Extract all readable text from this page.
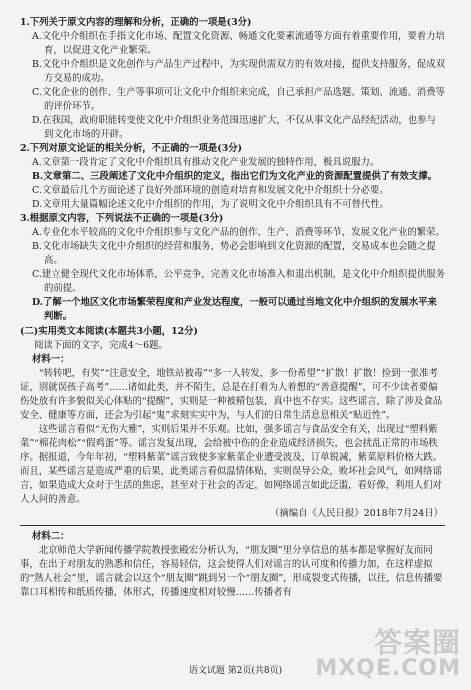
1.下列关于原文内容的理解和分析，正确的一项是(3分)
A.文化中介组织在手指文化市场、配置文化资源、畅通文化要素流通等方面有着重要作用，要着力培育，以促进文化产业繁荣。
B.文化中介组织是文化创作与产品生产过程中，为实现供需双方的有效对接，提供支持服务，促成双方交易的成功。
C.文化企业的创作、生产等事项可让文化中介组织来完成，自己承担产品选题、策划、流通、消费等的评价环节。
D.在我国，政府职能转变使文化中介组织业务范围迅速扩大，不仅从事文化产品经纪活动，也参与到文化市场的开辟。
2.下列对原文论证的相关分析，不正确的一项是(3分)
A.文章第一段肯定了文化中介组织具有推动文化产业发展的独特作用，极具说服力。
B.文章第二、三段阐述了文化中介组织的定义，指出它们为文化产业的资源配置提供了有效支撑。
C.文章最后几个方面论述了良好外部环境的创造对培育和发展文化中介组织十分必要。
D.文章用大量篇幅论述文化中介组织的作用，为了说明文化中介组织具有不可替代性。
3.根据原文内容，下列说法不正确的一项是(3分)
A.专业化水平较高的文化中介组织参与文化产品的创作、生产、消费等环节，发展文化产业的繁荣。
B.文化市场缺失文化中介组织的经营和服务，势必会影响到文化资源的配置，交易成本也会随之提高。
C.建立健全现代文化市场体系，公平竞争，完善文化市场准入和退出机制，是文化中介组织提供服务的前提。
D.了解一个地区文化市场繁荣程度和产业发达程度，一般可以通过当地文化中介组织的发展水平来判断。
(二)实用类文本阅读(本题共3小题，12分)
阅读下面的文字，完成4～6题。
材料一：
“转转吧，有奖”“注意安全，地铁站被毒”“多一人转发，多一份希望”“扩散！扩散！捡到一张准考证，别就误孩子高考”……诸如此类，并不陌生，总是在打着为人着想的“善意提醒”，可不少读者要偏伤处放有许多貌似关心体贴的“提醒”，实则是一种被精包装，真中也不存实。这些谣言，除了涉及食品安全、健康等方面，还会为引起“鬼”求刻实实中为，与人们的日常生活息息相关“贴近性”。
这些谣言看似“无伤大雅”，实则后果并不乐观。比如，强多谣言与食品安全有关，出现过“塑料紫菜”“棉花肉松”“假鸡蛋”等。谣言发复出现，会给被中伤的企业造成经济损失，也会扰乱正常的市场秩序。据报道，今年年初，“塑料紫菜”谣言致使多家紫菜企业遭受波及，订单锐减，紫菜原料价格大跌。而且，某些谣言是造成严重的后果，此类谣言看似温情体贴，实则误导公众，败坏社会风气，如网络谣言，如果造成大众对于生活的焦虑，甚至对于社会的否定，如网络谣言如此泛滥，看好像，利用人们对人人问的善意。
（摘编自《人民日报》2018年7月24日）
材料二：
北京师范大学新闻传播学院教授张殿宏分析认为，“朋友圈”里分享信息的基本都是掌握好友而同事，在出于对朋友的熟悉和信任，容易轻信，这会使得人们对谣言的认可度和传播力加，在这样虚拟的“熟人社会”里，谣言就会以这个“朋友圈”跳到另一个“朋友圈”，形成裂变式传播，以往，信息传播要靠口耳相传和纸质传播，体形式，传播速度相对较慢……传播者有
语文试题 第2页(共8页)
答案圈
MXQE.COM
